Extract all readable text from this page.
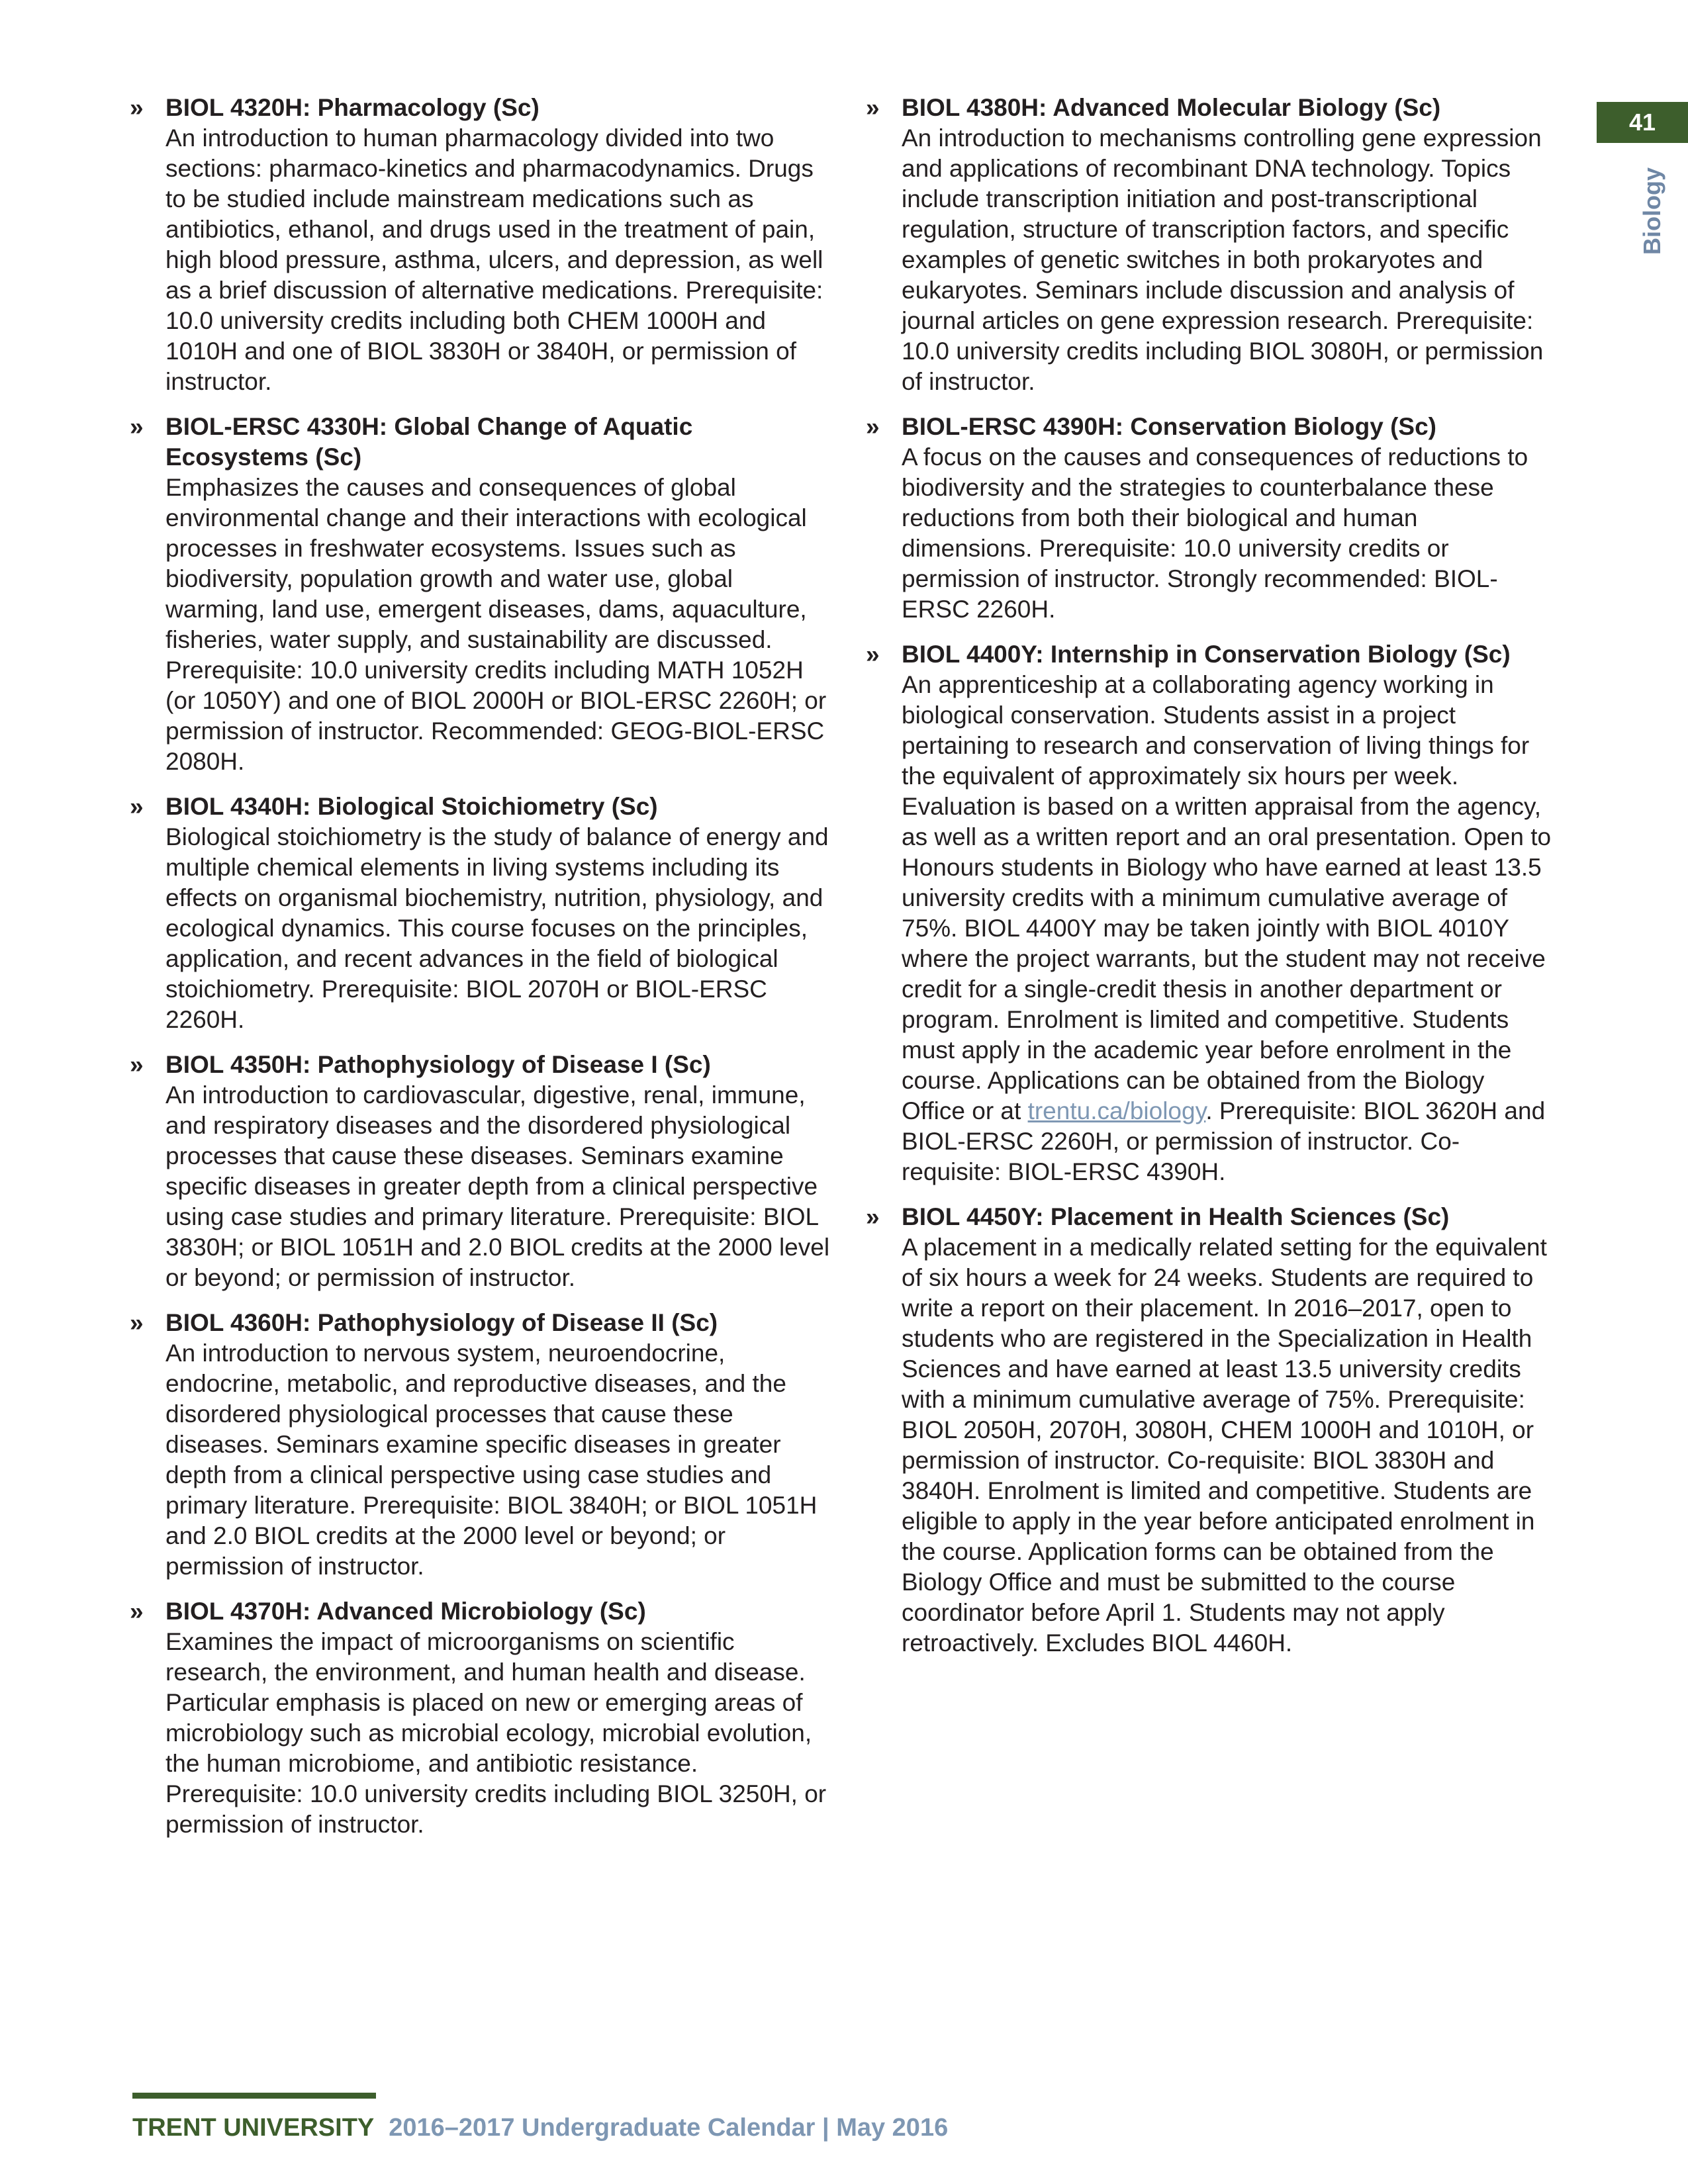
41
Biology
» BIOL 4320H: Pharmacology (Sc)
An introduction to human pharmacology divided into two sections: pharmaco-kinetics and pharmacodynamics. Drugs to be studied include mainstream medications such as antibiotics, ethanol, and drugs used in the treatment of pain, high blood pressure, asthma, ulcers, and depression, as well as a brief discussion of alternative medications. Prerequisite: 10.0 university credits including both CHEM 1000H and 1010H and one of BIOL 3830H or 3840H, or permission of instructor.
» BIOL-ERSC 4330H: Global Change of Aquatic Ecosystems (Sc)
Emphasizes the causes and consequences of global environmental change and their interactions with ecological processes in freshwater ecosystems. Issues such as biodiversity, population growth and water use, global warming, land use, emergent diseases, dams, aquaculture, fisheries, water supply, and sustainability are discussed. Prerequisite: 10.0 university credits including MATH 1052H (or 1050Y) and one of BIOL 2000H or BIOL-ERSC 2260H; or permission of instructor. Recommended: GEOG-BIOL-ERSC 2080H.
» BIOL 4340H: Biological Stoichiometry (Sc)
Biological stoichiometry is the study of balance of energy and multiple chemical elements in living systems including its effects on organismal biochemistry, nutrition, physiology, and ecological dynamics. This course focuses on the principles, application, and recent advances in the field of biological stoichiometry. Prerequisite: BIOL 2070H or BIOL-ERSC 2260H.
» BIOL 4350H: Pathophysiology of Disease I (Sc)
An introduction to cardiovascular, digestive, renal, immune, and respiratory diseases and the disordered physiological processes that cause these diseases. Seminars examine specific diseases in greater depth from a clinical perspective using case studies and primary literature. Prerequisite: BIOL 3830H; or BIOL 1051H and 2.0 BIOL credits at the 2000 level or beyond; or permission of instructor.
» BIOL 4360H: Pathophysiology of Disease II (Sc)
An introduction to nervous system, neuroendocrine, endocrine, metabolic, and reproductive diseases, and the disordered physiological processes that cause these diseases. Seminars examine specific diseases in greater depth from a clinical perspective using case studies and primary literature. Prerequisite: BIOL 3840H; or BIOL 1051H and 2.0 BIOL credits at the 2000 level or beyond; or permission of instructor.
» BIOL 4370H: Advanced Microbiology (Sc)
Examines the impact of microorganisms on scientific research, the environment, and human health and disease. Particular emphasis is placed on new or emerging areas of microbiology such as microbial ecology, microbial evolution, the human microbiome, and antibiotic resistance. Prerequisite: 10.0 university credits including BIOL 3250H, or permission of instructor.
» BIOL 4380H: Advanced Molecular Biology (Sc)
An introduction to mechanisms controlling gene expression and applications of recombinant DNA technology. Topics include transcription initiation and post-transcriptional regulation, structure of transcription factors, and specific examples of genetic switches in both prokaryotes and eukaryotes. Seminars include discussion and analysis of journal articles on gene expression research. Prerequisite: 10.0 university credits including BIOL 3080H, or permission of instructor.
» BIOL-ERSC 4390H: Conservation Biology (Sc)
A focus on the causes and consequences of reductions to biodiversity and the strategies to counterbalance these reductions from both their biological and human dimensions. Prerequisite: 10.0 university credits or permission of instructor. Strongly recommended: BIOL-ERSC 2260H.
» BIOL 4400Y: Internship in Conservation Biology (Sc)
An apprenticeship at a collaborating agency working in biological conservation. Students assist in a project pertaining to research and conservation of living things for the equivalent of approximately six hours per week. Evaluation is based on a written appraisal from the agency, as well as a written report and an oral presentation. Open to Honours students in Biology who have earned at least 13.5 university credits with a minimum cumulative average of 75%. BIOL 4400Y may be taken jointly with BIOL 4010Y where the project warrants, but the student may not receive credit for a single-credit thesis in another department or program. Enrolment is limited and competitive. Students must apply in the academic year before enrolment in the course. Applications can be obtained from the Biology Office or at trentu.ca/biology. Prerequisite: BIOL 3620H and BIOL-ERSC 2260H, or permission of instructor. Co-requisite: BIOL-ERSC 4390H.
» BIOL 4450Y: Placement in Health Sciences (Sc)
A placement in a medically related setting for the equivalent of six hours a week for 24 weeks. Students are required to write a report on their placement. In 2016–2017, open to students who are registered in the Specialization in Health Sciences and have earned at least 13.5 university credits with a minimum cumulative average of 75%. Prerequisite: BIOL 2050H, 2070H, 3080H, CHEM 1000H and 1010H, or permission of instructor. Co-requisite: BIOL 3830H and 3840H. Enrolment is limited and competitive. Students are eligible to apply in the year before anticipated enrolment in the course. Application forms can be obtained from the Biology Office and must be submitted to the course coordinator before April 1. Students may not apply retroactively. Excludes BIOL 4460H.
TRENT UNIVERSITY 2016–2017 Undergraduate Calendar | May 2016
